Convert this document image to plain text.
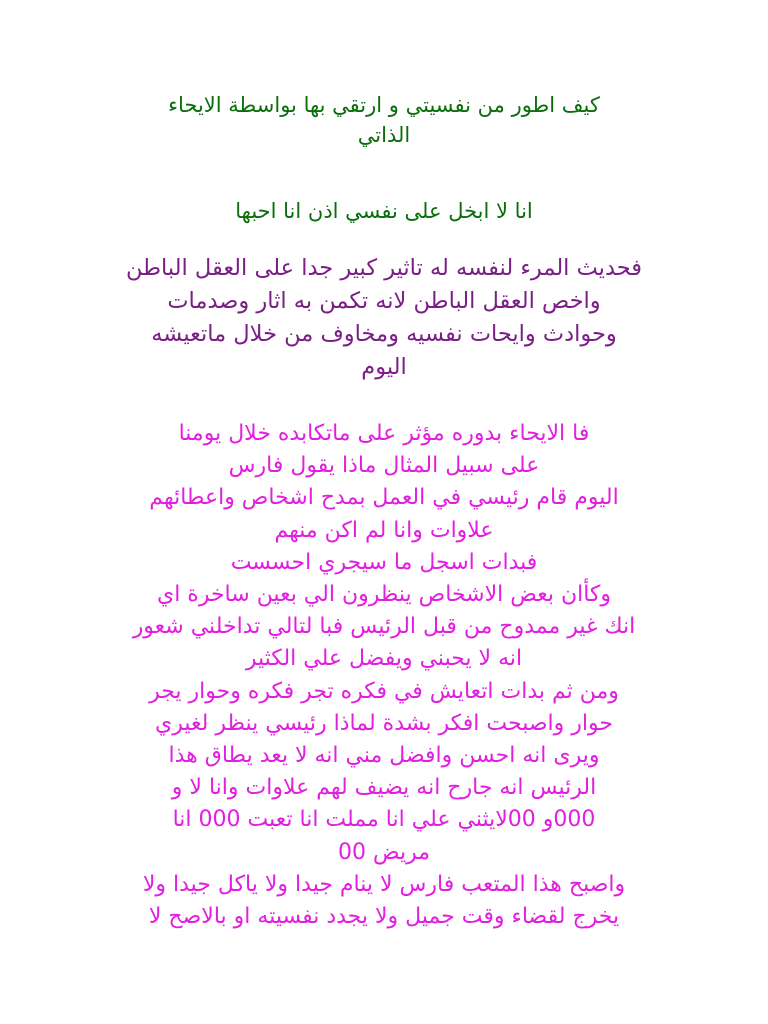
كيف اطور من نفسيتي و ارتقي بها بواسطة الايحاء
الذاتي
انا لا ابخل على نفسي اذن انا احبها
فحديث المرء لنفسه له تاثير كبير جدا على العقل الباطن
واخص العقل الباطن لانه تكمن به اثار وصدمات
وحوادث وايحات نفسيه ومخاوف من خلال ماتعيشه
اليوم
فا الايحاء بدوره مؤثر على ماتكابده خلال يومنا
على سبيل المثال ماذا يقول فارس
اليوم قام رئيسي في العمل بمدح اشخاص واعطائهم
علاوات وانا لم اكن منهم
فبدات اسجل ما سيجري احسست
وكأان بعض الاشخاص ينظرون الي بعين ساخرة اي
انك غير ممدوح من قبل الرئيس فبا لتالي تداخلني شعور
انه لا يحبني ويفضل علي الكثير
ومن ثم بدات اتعايش في فكره تجر فكره وحوار يجر
حوار واصبحت افكر بشدة لماذا رئيسي ينظر لغيري
ويرى انه احسن وافضل مني انه لا يعد يطاق هذا
الرئيس انه جارح انه يضيف لهم علاوات وانا لا و
000و 00لايثني علي انا مملت انا تعبت 000 انا
مريض 00
واصبح هذا المتعب فارس لا ينام جيدا ولا ياكل جيدا ولا
يخرج لقضاء وقت جميل ولا يجدد نفسيته او بالاصح لا
